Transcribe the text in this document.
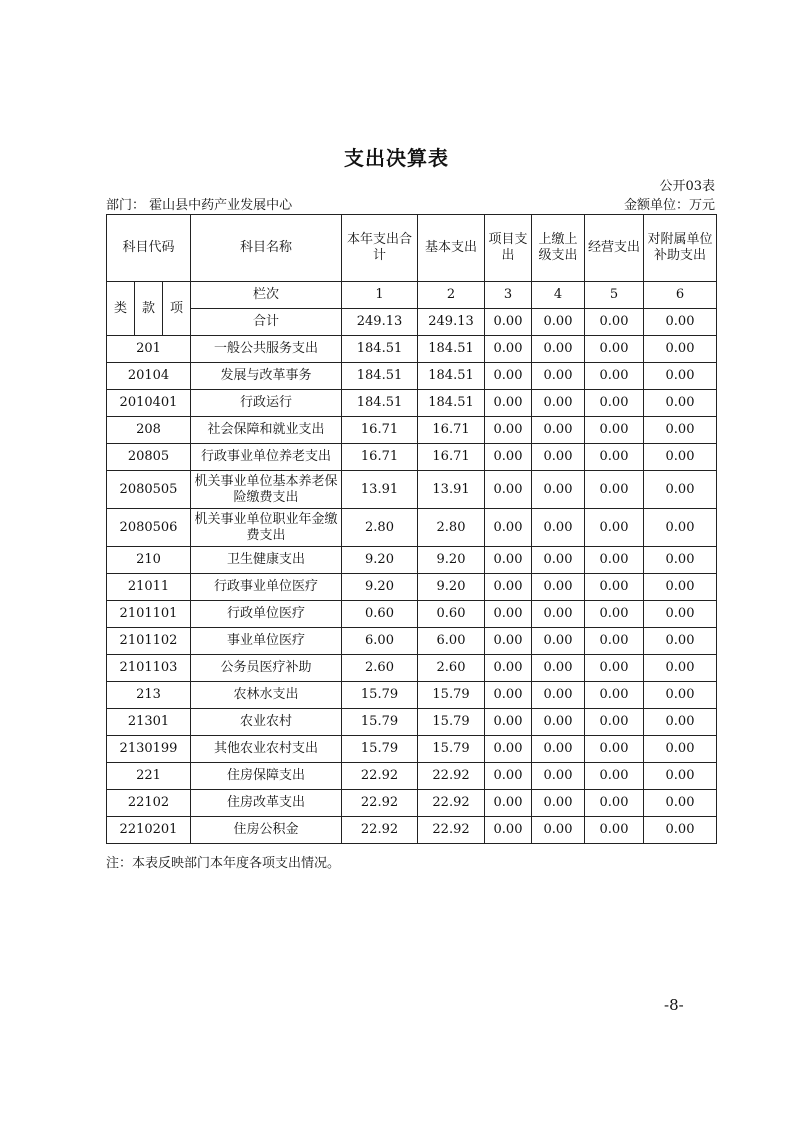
支出决算表
公开03表
部门： 霍山县中药产业发展中心	金额单位：万元
科目代码			科目名称	本年支出合计	基本支出	项目支出	上缴上级支出	经营支出	对附属单位补助支出

类	款	项	栏次	1	2	3	4	5	6
			合计	249.13	249.13	0.00	0.00	0.00	0.00
201			一般公共服务支出	184.51	184.51	0.00	0.00	0.00	0.00
20104			发展与改革事务	184.51	184.51	0.00	0.00	0.00	0.00
2010401			行政运行	184.51	184.51	0.00	0.00	0.00	0.00
208			社会保障和就业支出	16.71	16.71	0.00	0.00	0.00	0.00
20805			行政事业单位养老支出	16.71	16.71	0.00	0.00	0.00	0.00
2080505			机关事业单位基本养老保险缴费支出	13.91	13.91	0.00	0.00	0.00	0.00
2080506			机关事业单位职业年金缴费支出	2.80	2.80	0.00	0.00	0.00	0.00
210			卫生健康支出	9.20	9.20	0.00	0.00	0.00	0.00
21011			行政事业单位医疗	9.20	9.20	0.00	0.00	0.00	0.00
2101101			行政单位医疗	0.60	0.60	0.00	0.00	0.00	0.00
2101102			事业单位医疗	6.00	6.00	0.00	0.00	0.00	0.00
2101103			公务员医疗补助	2.60	2.60	0.00	0.00	0.00	0.00
213			农林水支出	15.79	15.79	0.00	0.00	0.00	0.00
21301			农业农村	15.79	15.79	0.00	0.00	0.00	0.00
2130199			其他农业农村支出	15.79	15.79	0.00	0.00	0.00	0.00
221			住房保障支出	22.92	22.92	0.00	0.00	0.00	0.00
22102			住房改革支出	22.92	22.92	0.00	0.00	0.00	0.00
2210201			住房公积金	22.92	22.92	0.00	0.00	0.00	0.00
注：本表反映部门本年度各项支出情况。
-8-
